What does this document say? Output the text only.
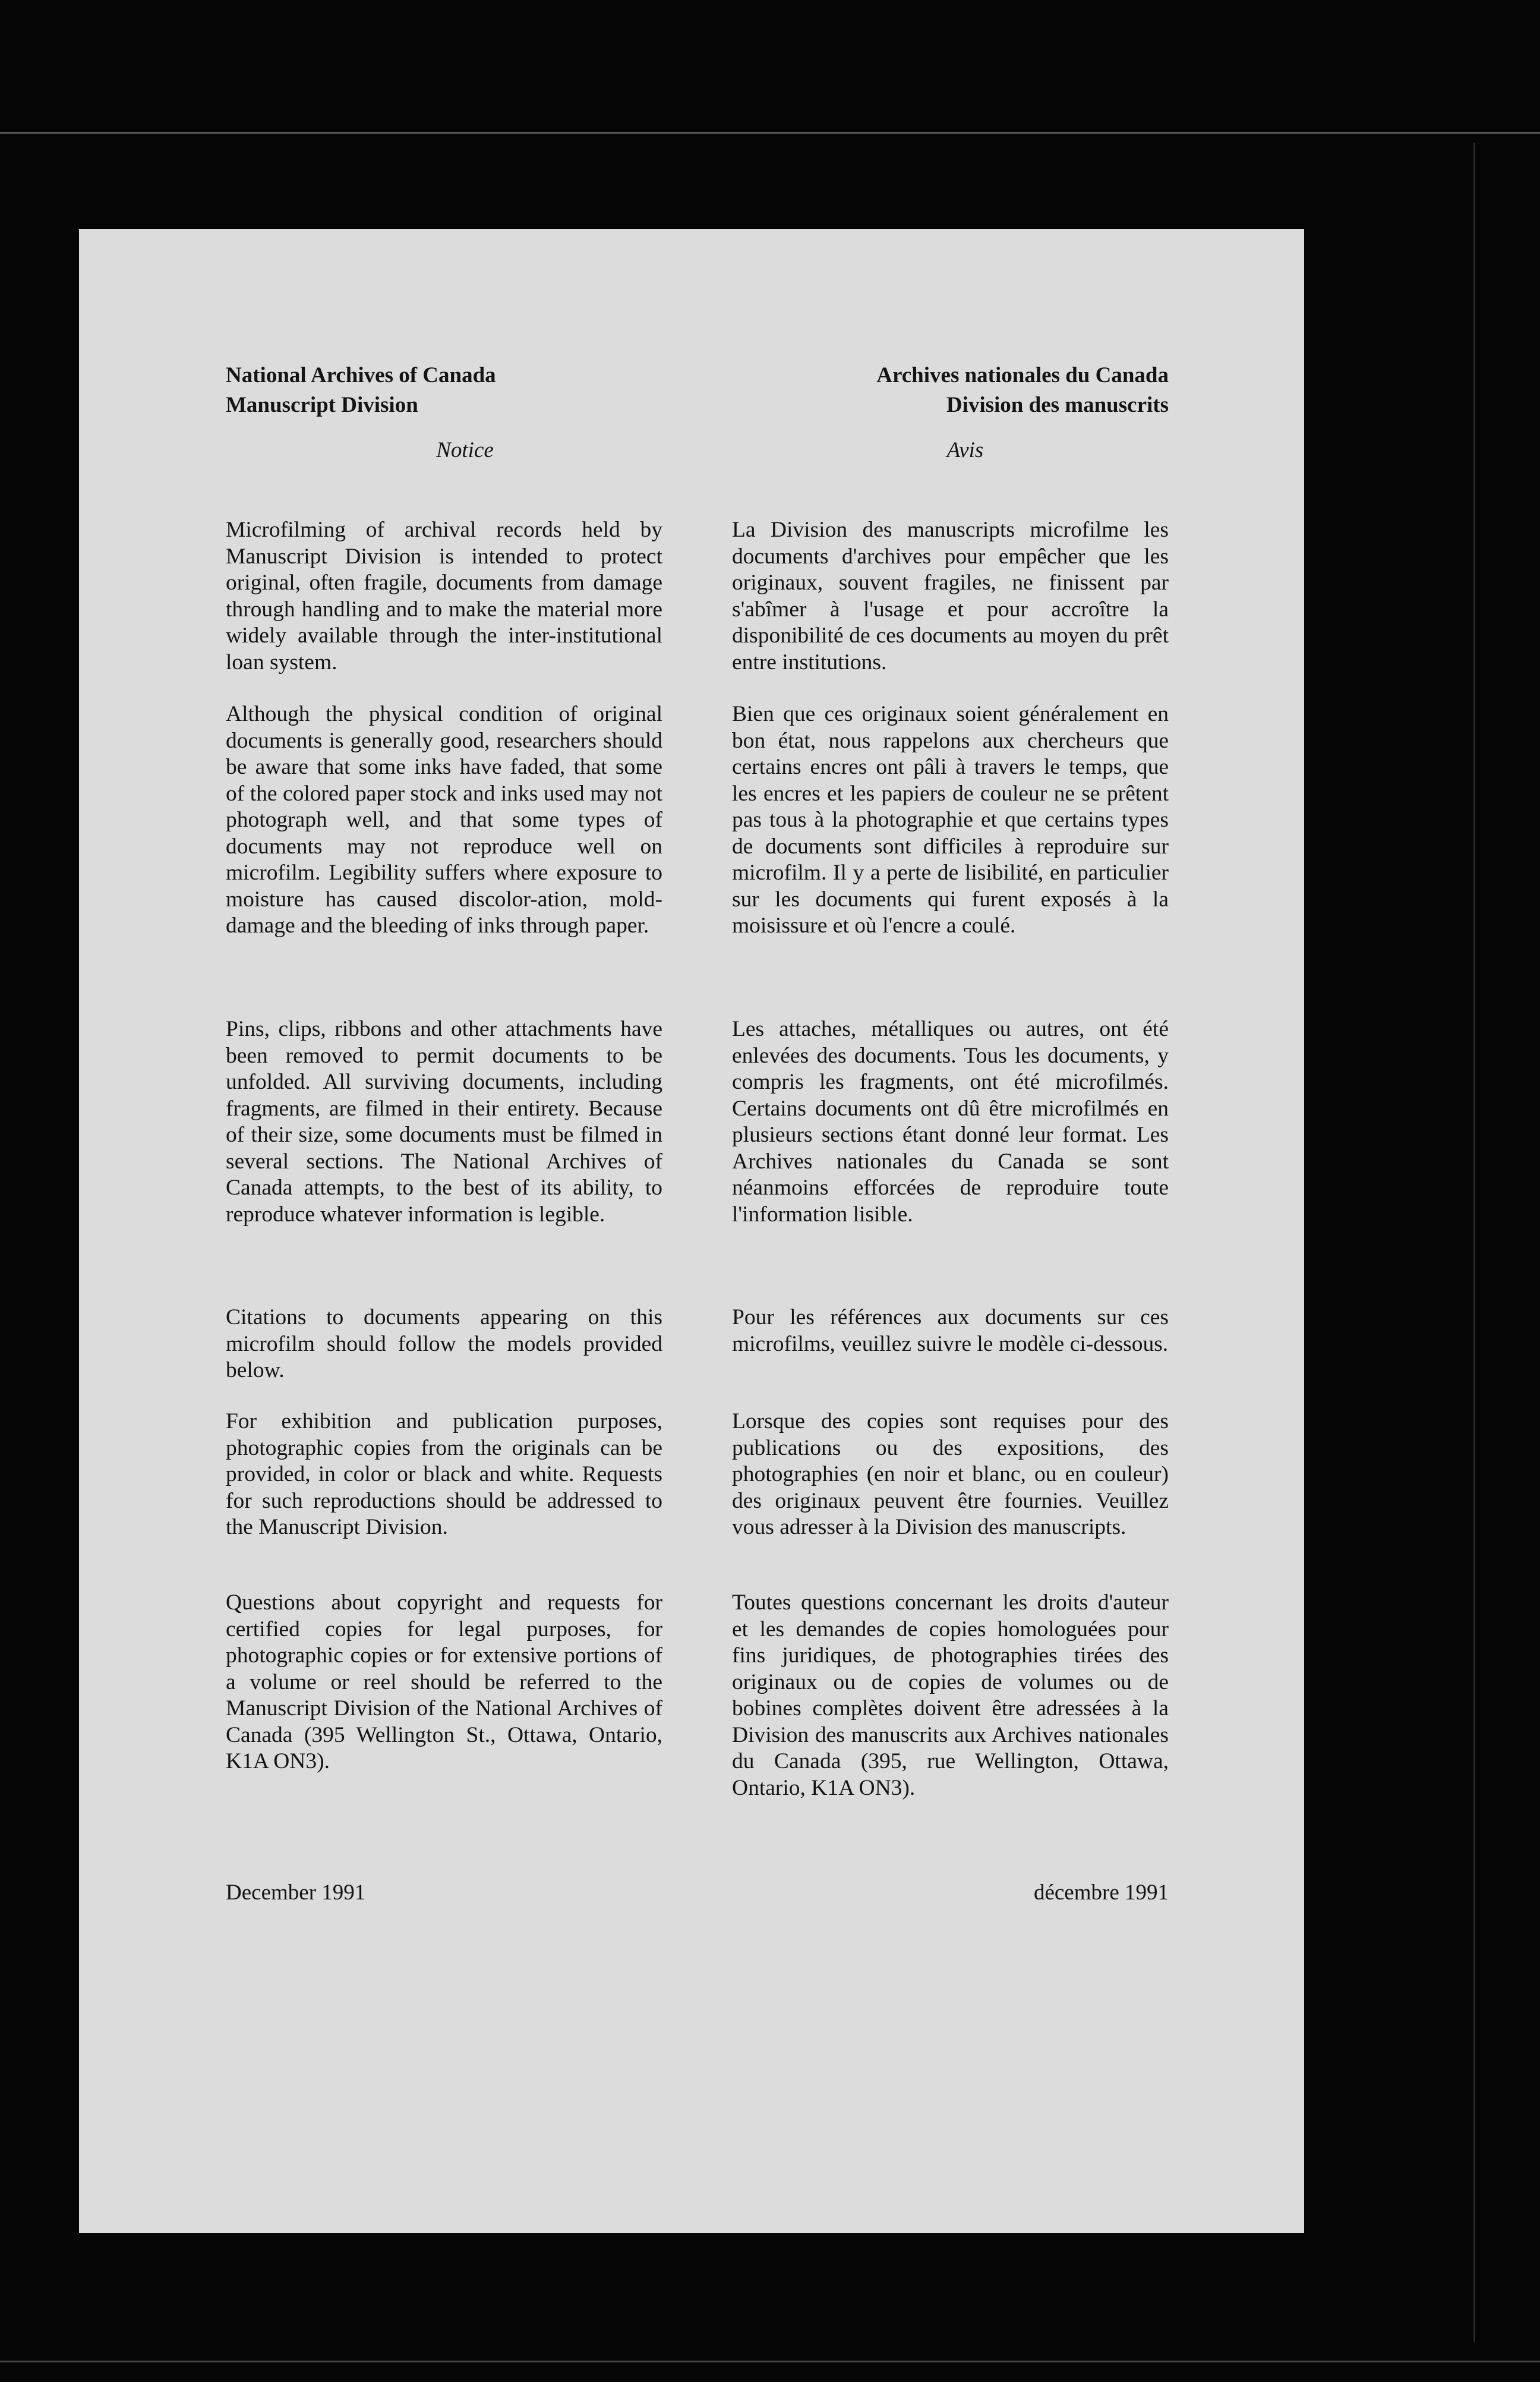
National Archives of Canada
Manuscript Division
Notice
Microfilming of archival records held by Manuscript Division is intended to protect original, often fragile, documents from damage through handling and to make the material more widely available through the inter-institutional loan system.
Although the physical condition of original documents is generally good, researchers should be aware that some inks have faded, that some of the colored paper stock and inks used may not photograph well, and that some types of documents may not reproduce well on microfilm. Legibility suffers where exposure to moisture has caused discolor-ation, mold-damage and the bleeding of inks through paper.
Pins, clips, ribbons and other attachments have been removed to permit documents to be unfolded. All surviving documents, including fragments, are filmed in their entirety. Because of their size, some documents must be filmed in several sections. The National Archives of Canada attempts, to the best of its ability, to reproduce whatever information is legible.
Citations to documents appearing on this microfilm should follow the models provided below.
For exhibition and publication purposes, photographic copies from the originals can be provided, in color or black and white. Requests for such reproductions should be addressed to the Manuscript Division.
Questions about copyright and requests for certified copies for legal purposes, for photographic copies or for extensive portions of a volume or reel should be referred to the Manuscript Division of the National Archives of Canada (395 Wellington St., Ottawa, Ontario, K1A ON3).
December 1991
Archives nationales du Canada
Division des manuscrits
Avis
La Division des manuscripts microfilme les documents d'archives pour empêcher que les originaux, souvent fragiles, ne finissent par s'abîmer à l'usage et pour accroître la disponibilité de ces documents au moyen du prêt entre institutions.
Bien que ces originaux soient généralement en bon état, nous rappelons aux chercheurs que certains encres ont pâli à travers le temps, que les encres et les papiers de couleur ne se prêtent pas tous à la photographie et que certains types de documents sont difficiles à reproduire sur microfilm. Il y a perte de lisibilité, en particulier sur les documents qui furent exposés à la moisissure et où l'encre a coulé.
Les attaches, métalliques ou autres, ont été enlevées des documents. Tous les documents, y compris les fragments, ont été microfilmés. Certains documents ont dû être microfilmés en plusieurs sections étant donné leur format. Les Archives nationales du Canada se sont néanmoins efforcées de reproduire toute l'information lisible.
Pour les références aux documents sur ces microfilms, veuillez suivre le modèle ci-dessous.
Lorsque des copies sont requises pour des publications ou des expositions, des photographies (en noir et blanc, ou en couleur) des originaux peuvent être fournies. Veuillez vous adresser à la Division des manuscripts.
Toutes questions concernant les droits d'auteur et les demandes de copies homologuées pour fins juridiques, de photographies tirées des originaux ou de copies de volumes ou de bobines complètes doivent être adressées à la Division des manuscrits aux Archives nationales du Canada (395, rue Wellington, Ottawa, Ontario, K1A ON3).
décembre 1991
